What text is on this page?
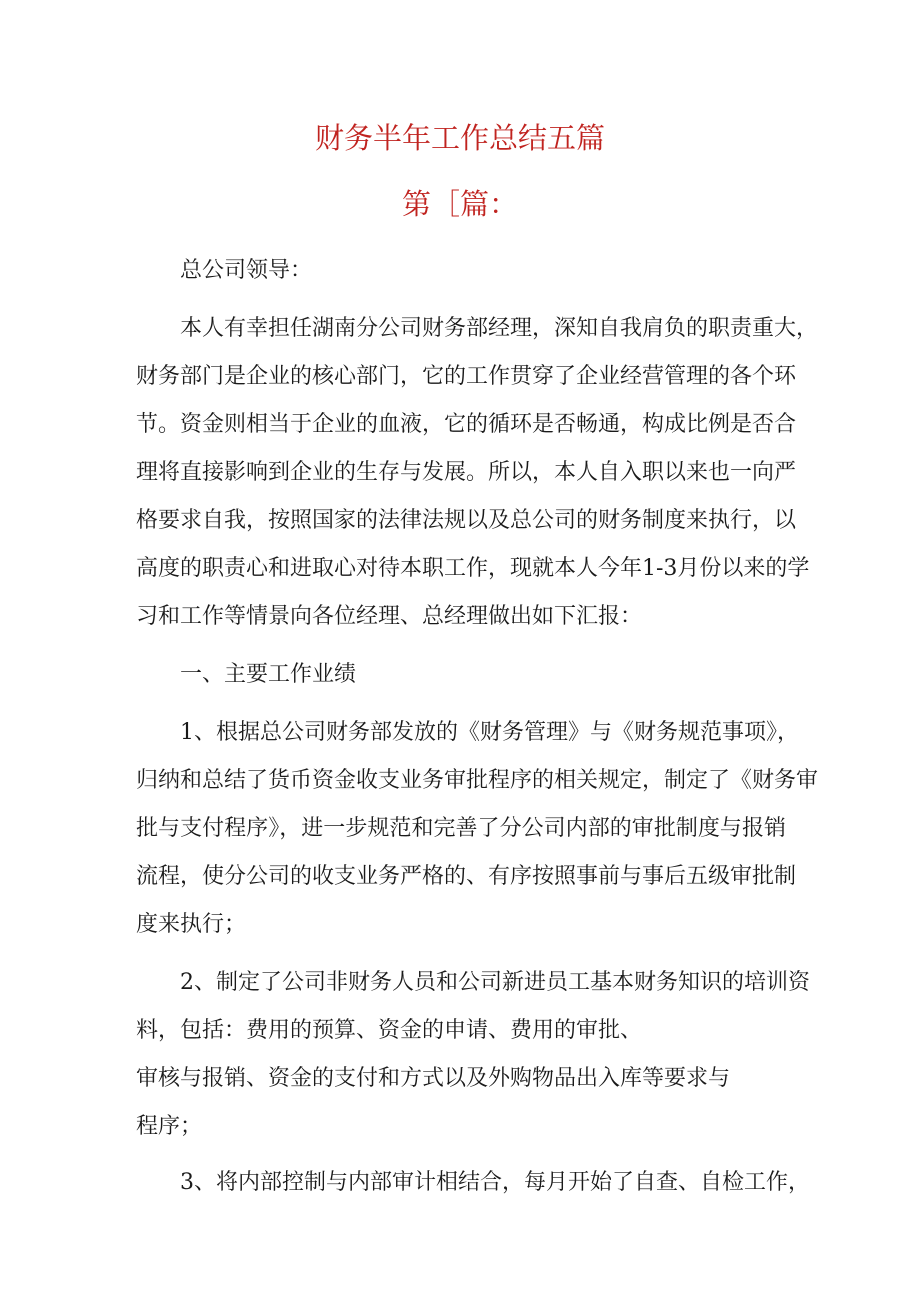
财务半年工作总结五篇
第［篇：
总公司领导：
本人有幸担任湖南分公司财务部经理，深知自我肩负的职责重大，
财务部门是企业的核心部门，它的工作贯穿了企业经营管理的各个环
节。资金则相当于企业的血液，它的循环是否畅通，构成比例是否合
理将直接影响到企业的生存与发展。所以，本人自入职以来也一向严
格要求自我，按照国家的法律法规以及总公司的财务制度来执行，以
高度的职责心和进取心对待本职工作，现就本人今年1-3月份以来的学
习和工作等情景向各位经理、总经理做出如下汇报：
一、主要工作业绩
1、根据总公司财务部发放的《财务管理》与《财务规范事项》，
归纳和总结了货币资金收支业务审批程序的相关规定，制定了《财务审
批与支付程序》，进一步规范和完善了分公司内部的审批制度与报销
流程，使分公司的收支业务严格的、有序按照事前与事后五级审批制
度来执行；
2、制定了公司非财务人员和公司新进员工基本财务知识的培训资
料，包括：费用的预算、资金的申请、费用的审批、
审核与报销、资金的支付和方式以及外购物品出入库等要求与
程序；
3、将内部控制与内部审计相结合，每月开始了自查、自检工作，
